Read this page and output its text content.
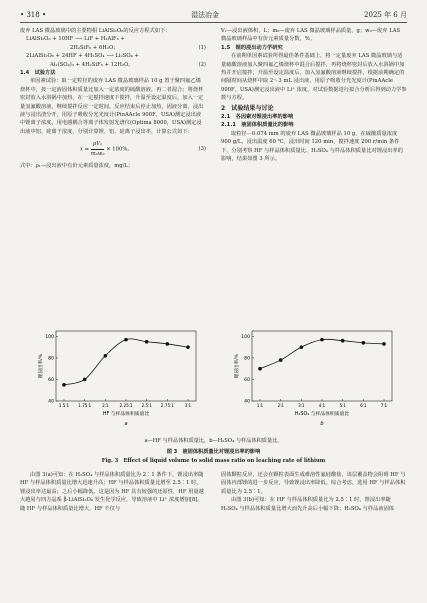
• 318 •	湿法冶金	2025 年 6 月

废弃 LAS 微晶玻璃中的主要物相 LiAlSi₂O₆的反应方程式如下：

LiAlSi₂O₆ + 10HF ⟶ LiF + H₃AlF₆ +
2H₂SiF₆ + 6H₂O；	(1)
2LiAlSi₂O₆ + 24HF + 4H₂SO₄ ⟶ Li₂SO₄ +
Al₂(SO₄)₃ + 4H₂SiF₆ + 12H₂O。	(2)

1.4　试验方法

单因素试验：取一定粒径的废弃 LAS 微晶玻璃样品 10 g 置于聚四氟乙烯烧杯中，按一定液固体积质量比加入一定浓度的硫酸溶液，再二者混合；将烧杯密封放入水浴锅中加热，在一定搅拌速度下搅拌，升温至设定温度后，加入一定量氢氟酸溶液，继续搅拌反应一定时间。反应结束后停止加热，固液分离，浸出液与浸出渣分开，用原子吸收分光光度计(PinAAcle 900F，USA)测定浸出液中锂离子浓度，用电感耦合等离子体发射光谱仪(Optima 8000，USA)测定浸出液中铝、硅离子浓度，分别计算锂、铝、硅离子浸出率，计算公式如下：

$x = \frac{\text{ρV₁}}{\text{m₀w₀}} \times 100\%$。	(3)

式中：ρ₁—浸出液中有价元素质量浓度，mg/L；

V₁—浸出液体积，L；m₀—废弃 LAS 微晶玻璃样品质量，g；w₀—废弃 LAS 微晶玻璃样品中有价元素质量分数，%。

1.5　锂的浸出动力学研究

在前期单因素试验所得最佳条件基础上，将一定量废弃 LAS 微晶玻璃与适量硫酸溶液加入聚四氟乙烯烧杯中混合后搅拌，再将烧杯密封后放入水浴锅中加热并开启搅拌，升温至设定温度后，加入氢氟酸溶液继续搅拌。根据前期确定的间隔时间从烧杯中取 2～3 mL 浸出液，用原子吸收分光光度计(PinAAcle 900F，USA)测定浸出液中 Li⁺ 浓度，对试验数据进行拟合分析后得到动力学参数与方程。

2　试验结果与讨论

2.1　各因素对锂浸出率的影响

2.1.1　液固体积质量比的影响

取粒径－0.074 mm 的废弃 LAS 微晶玻璃样品 10 g，在硫酸质量浓度 900 g/L，浸出温度 60 ℃，浸出时间 120 min，搅拌速度 200 r/min 条件下，分别考察 HF 与样品体积质量比、H₂SO₄ 与样品体积质量比对锂浸出率的影响，结果如图 3 所示。

锂浸出率/%
40
60
80
100
1.5∶1 1.75∶1	2∶1	2.25∶1 2.5∶1 2.75∶1	3∶1
HF 与样品体积质量比
a
锂浸出率/%
40
60
80
100
1∶1	2∶1	3∶1	4∶1	5∶1	6∶1	7∶1
H₂SO₄ 与样品体积质量比
b
a—HF 与样品体积质量比，b—H₂SO₄ 与样品体积质量比。
图 3　液固体积质量比对锂浸出率的影响
Fig. 3　Effect of liquid volume to solid mass ratio on leaching rate of lithium

由图 3(a)可知：在 H₂SO₄ 与样品体积质量比为 2∶1 条件下，锂浸出率随 HF 与样品体积质量比增大迅速升高；HF 与样品体积质量比增至 2.5∶1 时，锂浸出率达最高；之后小幅降低。这是因为 HF 具有较强的还原性，HF 用量越大越易与四方晶系 β-LiAlSi₂O₆ 发生化学反应，导致溶液中 Li⁺ 浓度增加[8]。随 HF 与样品体积质量比增大，HF 不仅与

固体颗粒反应，还会在颗粒表面生成难溶性氟硅酸盐，该层覆盖物会阻碍 HF 与固体内部锂的进一步反应，导致锂浸出率降低。综合考虑，选用 HF 与样品体积质量比为 2.5∶1。

由图 3(b)可知：在 HF 与样品体积质量比为 2.5∶1 时，锂浸出率随 H₂SO₄ 与样品体积质量比增大而先升高后小幅下降；H₂SO₄ 与样品液固体
